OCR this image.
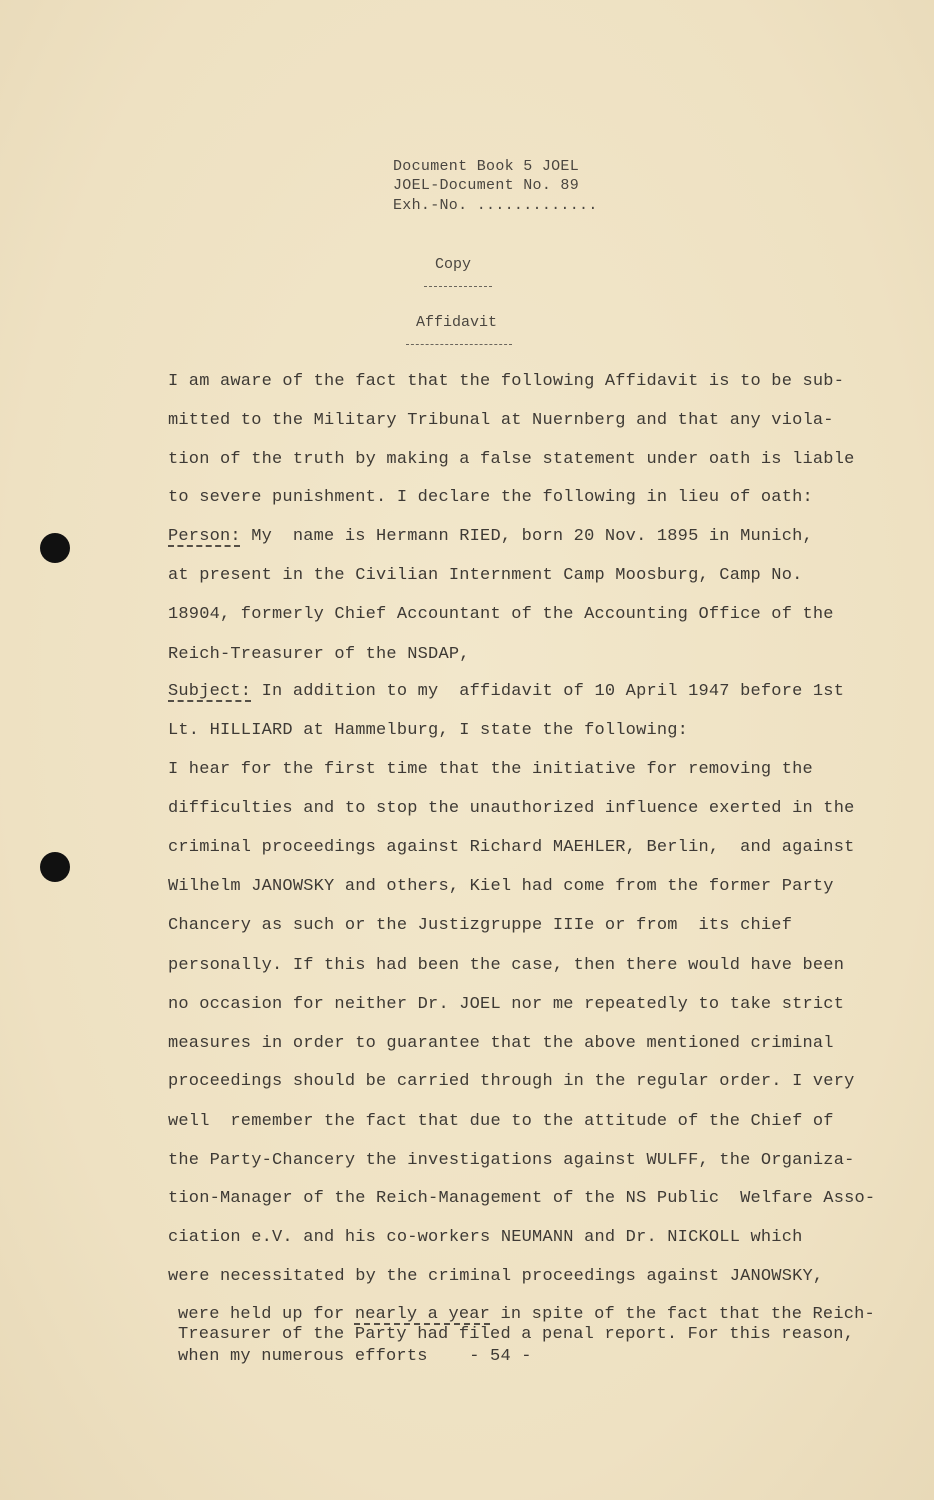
Document Book 5 JOEL
JOEL-Document No. 89
Exh.-No. .............
Copy
Affidavit
I am aware of the fact that the following Affidavit is to be sub-
mitted to the Military Tribunal at Nuernberg and that any viola-
tion of the truth by making a false statement under oath is liable
to severe punishment. I declare the following in lieu of oath:
Person: My  name is Hermann RIED, born 20 Nov. 1895 in Munich,
at present in the Civilian Internment Camp Moosburg, Camp No.
18904, formerly Chief Accountant of the Accounting Office of the
Reich-Treasurer of the NSDAP,
Subject: In addition to my  affidavit of 10 April 1947 before 1st
Lt. HILLIARD at Hammelburg, I state the following:
I hear for the first time that the initiative for removing the
difficulties and to stop the unauthorized influence exerted in the
criminal proceedings against Richard MAEHLER, Berlin,  and against
Wilhelm JANOWSKY and others, Kiel had come from the former Party
Chancery as such or the Justizgruppe IIIe or from  its chief
personally. If this had been the case, then there would have been
no occasion for neither Dr. JOEL nor me repeatedly to take strict
measures in order to guarantee that the above mentioned criminal
proceedings should be carried through in the regular order. I very
well  remember the fact that due to the attitude of the Chief of
the Party-Chancery the investigations against WULFF, the Organiza-
tion-Manager of the Reich-Management of the NS Public  Welfare Asso-
ciation e.V. and his co-workers NEUMANN and Dr. NICKOLL which
were necessitated by the criminal proceedings against JANOWSKY,
were held up for nearly a year in spite of the fact that the Reich-
Treasurer of the Party had filed a penal report. For this reason,
when my numerous efforts    - 54 -
